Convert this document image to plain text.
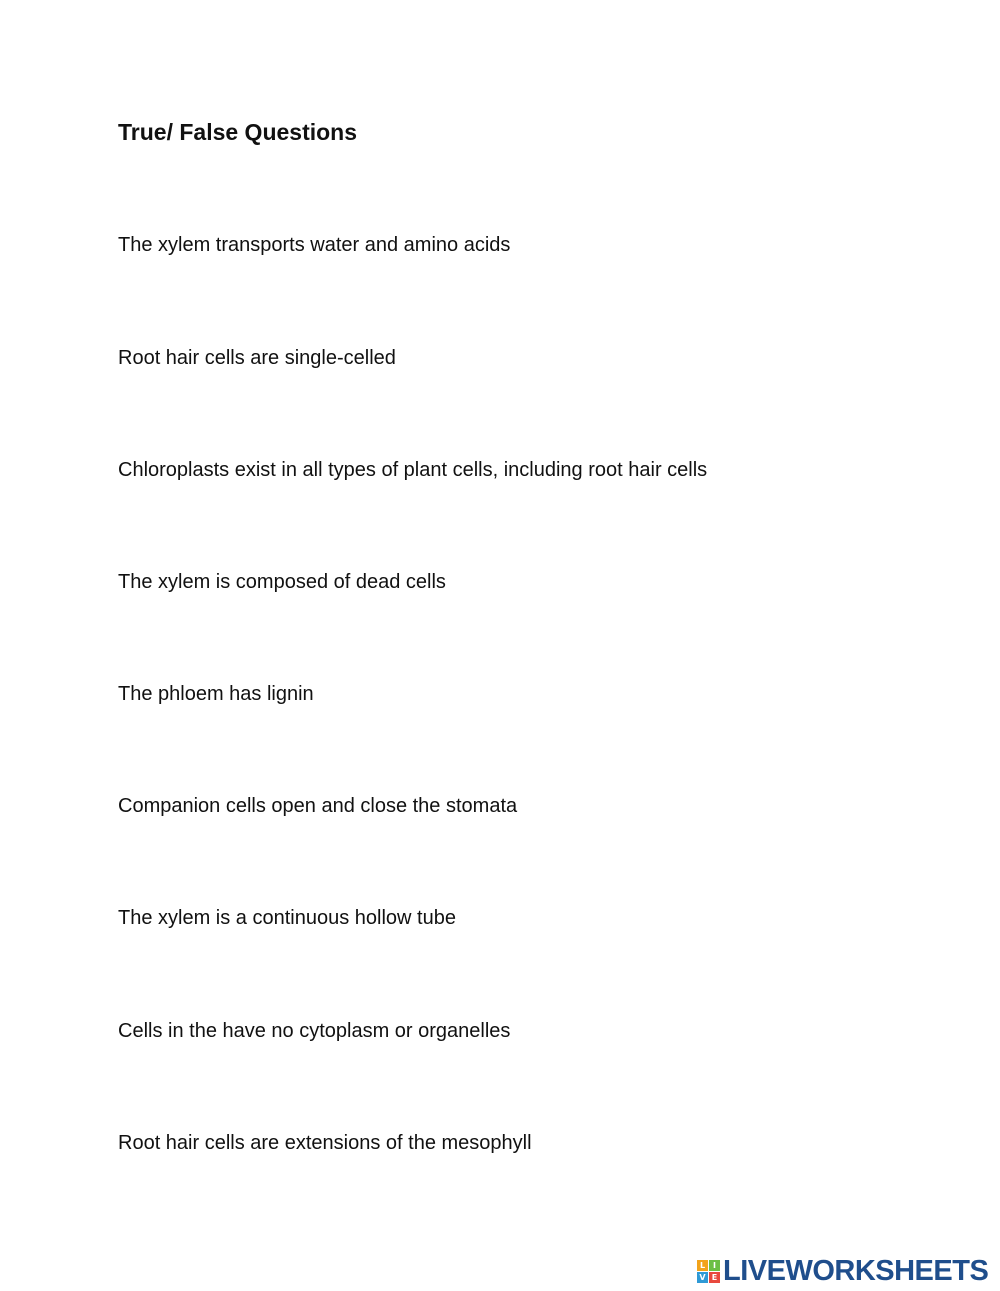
True/ False Questions

The xylem transports water and amino acids

Root hair cells are single-celled

Chloroplasts exist in all types of plant cells, including root hair cells

The xylem is composed of dead cells

The phloem has lignin

Companion cells open and close the stomata

The xylem is a continuous hollow tube

Cells in the have no cytoplasm or organelles

Root hair cells are extensions of the mesophyll

L I
V E LIVEWORKSHEETS
